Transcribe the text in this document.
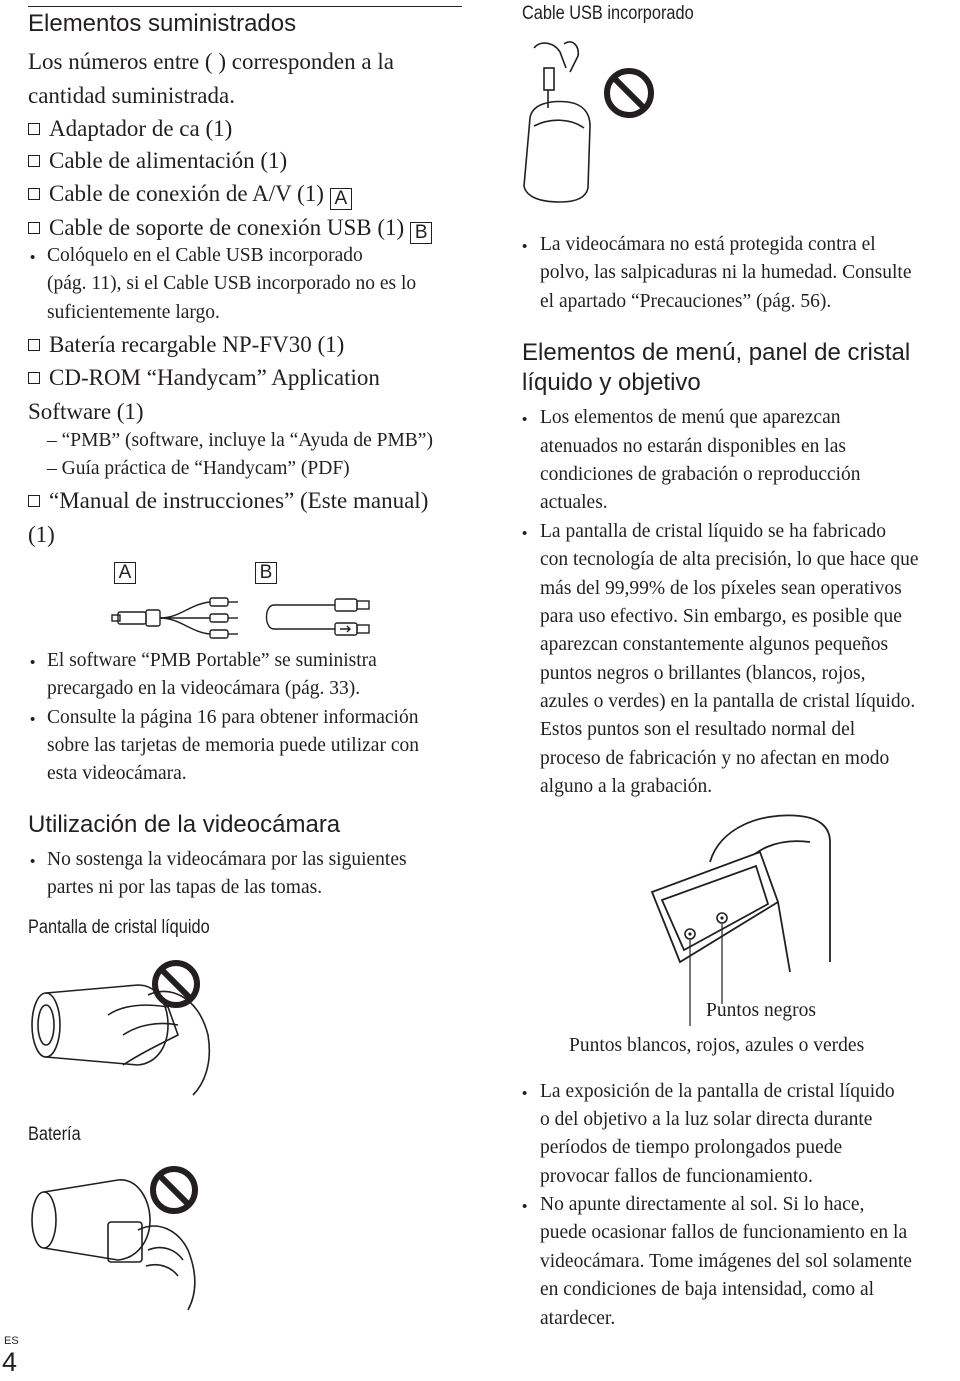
Elementos suministrados
Los números entre ( ) corresponden a la
cantidad suministrada.
Adaptador de ca (1)
Cable de alimentación (1)
Cable de conexión de A/V (1) A
Cable de soporte de conexión USB (1) B
• Colóquelo en el Cable USB incorporado
(pág. 11), si el Cable USB incorporado no es lo
suficientemente largo.
Batería recargable NP-FV30 (1)
CD-ROM “Handycam” Application
Software (1)
– “PMB” (software, incluye la “Ayuda de PMB”)
– Guía práctica de “Handycam” (PDF)
“Manual de instrucciones” (Este manual)
(1)
A	B
• El software “PMB Portable” se suministra
precargado en la videocámara (pág. 33).
• Consulte la página 16 para obtener información
sobre las tarjetas de memoria puede utilizar con
esta videocámara.
Utilización de la videocámara
• No sostenga la videocámara por las siguientes
partes ni por las tapas de las tomas.
Pantalla de cristal líquido
Batería
ES
4
Cable USB incorporado
• La videocámara no está protegida contra el
polvo, las salpicaduras ni la humedad. Consulte
el apartado “Precauciones” (pág. 56).
Elementos de menú, panel de cristal
líquido y objetivo
• Los elementos de menú que aparezcan
atenuados no estarán disponibles en las
condiciones de grabación o reproducción
actuales.
• La pantalla de cristal líquido se ha fabricado
con tecnología de alta precisión, lo que hace que
más del 99,99% de los píxeles sean operativos
para uso efectivo. Sin embargo, es posible que
aparezcan constantemente algunos pequeños
puntos negros o brillantes (blancos, rojos,
azules o verdes) en la pantalla de cristal líquido.
Estos puntos son el resultado normal del
proceso de fabricación y no afectan en modo
alguno a la grabación.
Puntos negros
Puntos blancos, rojos, azules o verdes
• La exposición de la pantalla de cristal líquido
o del objetivo a la luz solar directa durante
períodos de tiempo prolongados puede
provocar fallos de funcionamiento.
• No apunte directamente al sol. Si lo hace,
puede ocasionar fallos de funcionamiento en la
videocámara. Tome imágenes del sol solamente
en condiciones de baja intensidad, como al
atardecer.
